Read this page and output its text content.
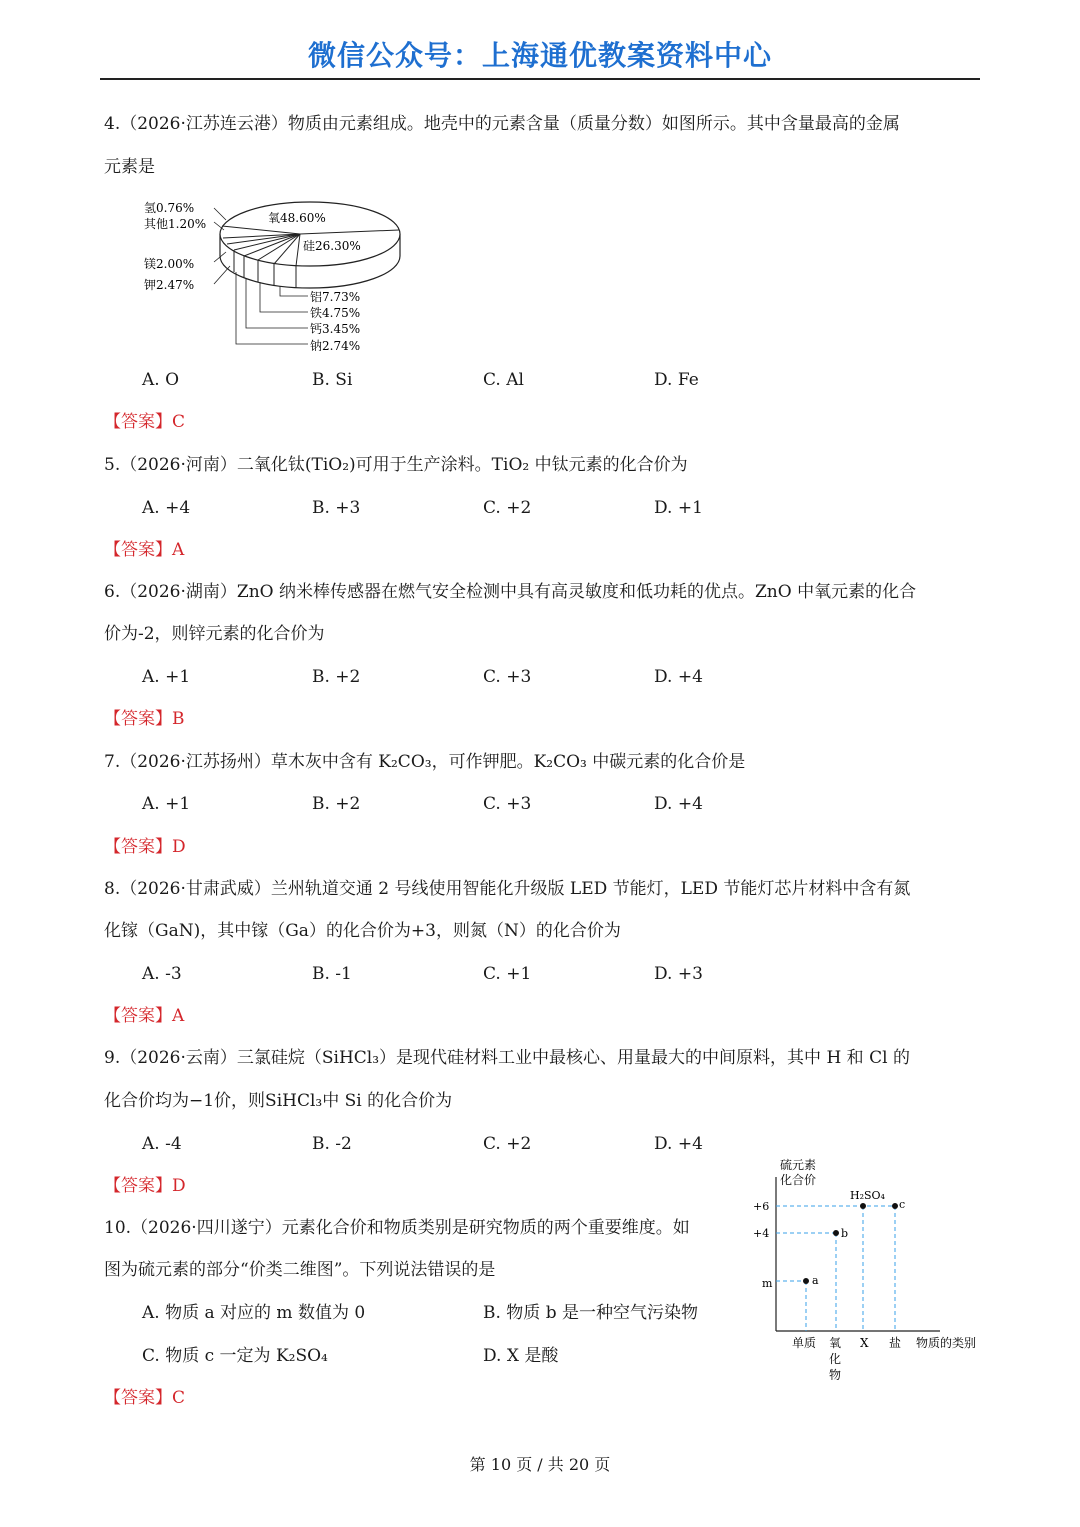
微信公众号：上海通优教案资料中心
4.（2026·江苏连云港）物质由元素组成。地壳中的元素含量（质量分数）如图所示。其中含量最高的金属
元素是
氢0.76%
其他1.20%
镁2.00%
钾2.47%
氧48.60%
硅26.30%
铝7.73%
铁4.75%
钙3.45%
钠2.74%
A. O	B. Si	C. Al	D. Fe
【答案】C
5.（2026·河南）二氧化钛(TiO₂)可用于生产涂料。TiO₂ 中钛元素的化合价为
A. +4	B. +3	C. +2	D. +1
【答案】A
6.（2026·湖南）ZnO 纳米棒传感器在燃气安全检测中具有高灵敏度和低功耗的优点。ZnO 中氧元素的化合
价为-2，则锌元素的化合价为
A. +1	B. +2	C. +3	D. +4
【答案】B
7.（2026·江苏扬州）草木灰中含有 K₂CO₃，可作钾肥。K₂CO₃ 中碳元素的化合价是
A. +1	B. +2	C. +3	D. +4
【答案】D
8.（2026·甘肃武威）兰州轨道交通 2 号线使用智能化升级版 LED 节能灯，LED 节能灯芯片材料中含有氮
化镓（GaN)，其中镓（Ga）的化合价为+3，则氮（N）的化合价为
A. -3	B. -1	C. +1	D. +3
【答案】A
9.（2026·云南）三氯硅烷（SiHCl₃）是现代硅材料工业中最核心、用量最大的中间原料，其中 H 和 Cl 的
化合价均为−1价，则SiHCl₃中 Si 的化合价为
A. -4	B. -2	C. +2	D. +4
【答案】D
10.（2026·四川遂宁）元素化合价和物质类别是研究物质的两个重要维度。如
图为硫元素的部分“价类二维图”。下列说法错误的是
A. 物质 a 对应的 m 数值为 0	B. 物质 b 是一种空气污染物
C. 物质 c 一定为 K₂SO₄	D. X 是酸
【答案】C
硫元素
化合价
+6
+4
m	a
b
c
H₂SO₄
单质 氧化物
X 盐 物质的类别
第 10 页 / 共 20 页
